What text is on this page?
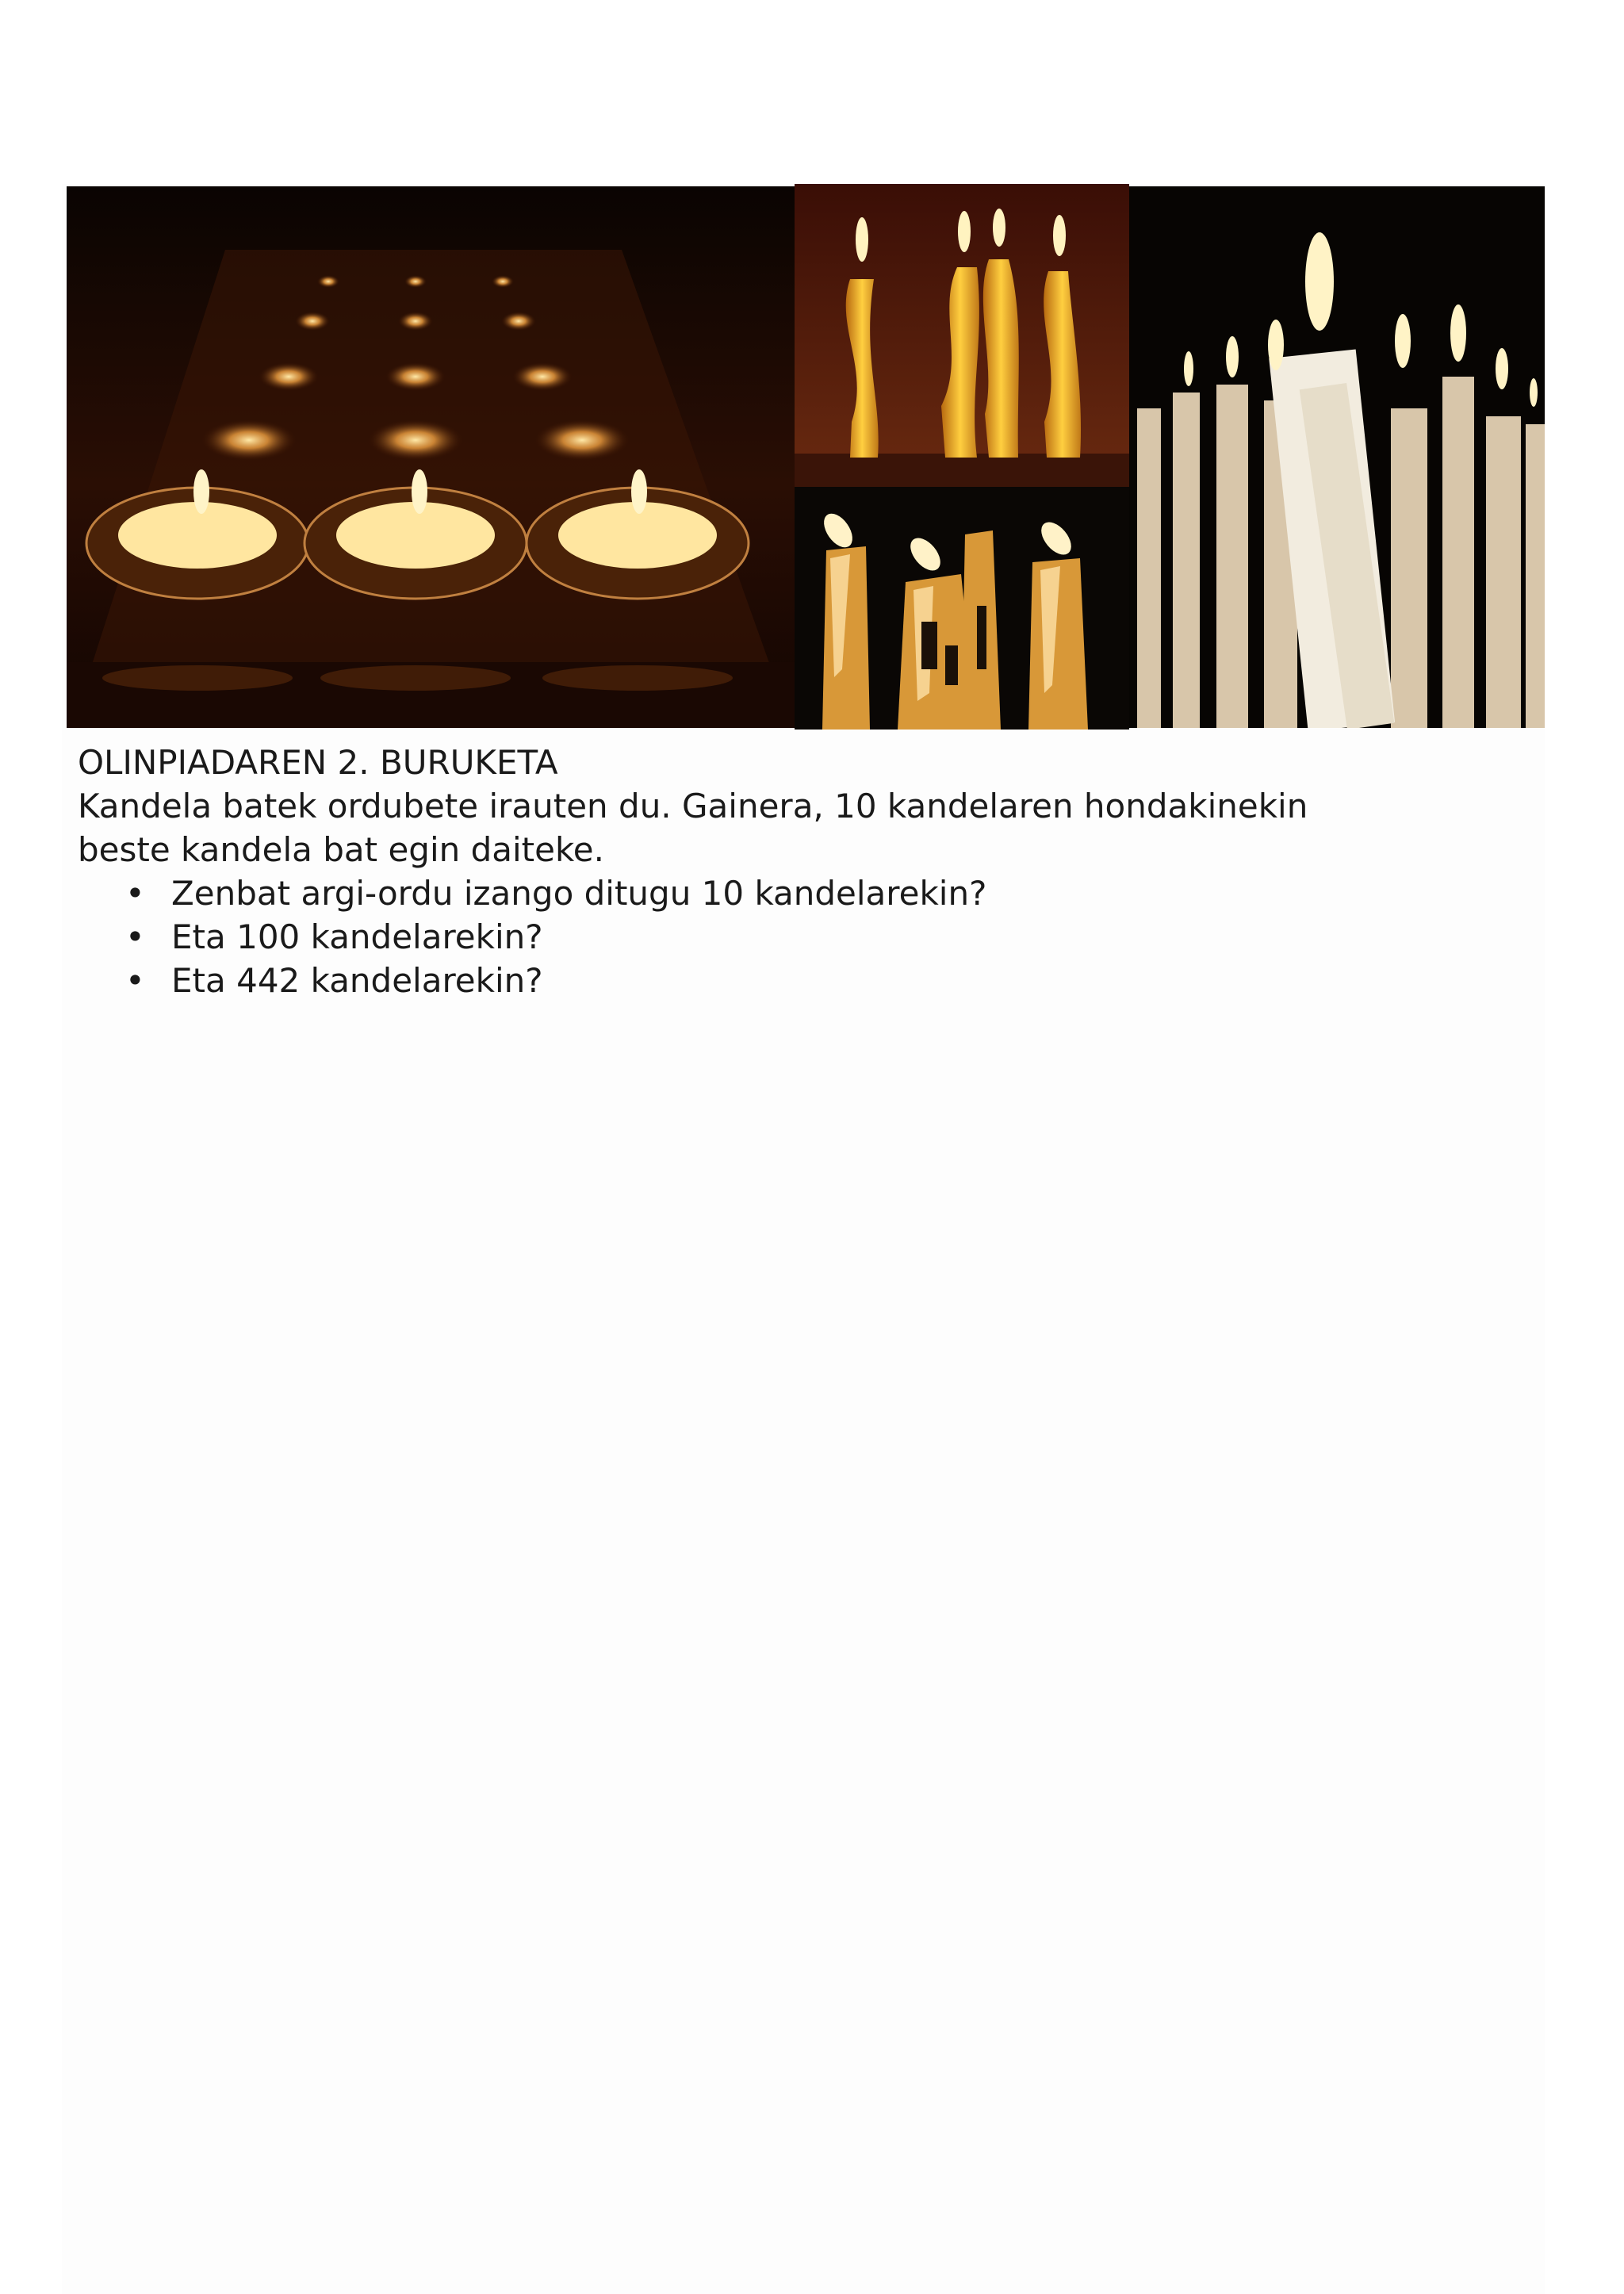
OLINPIADAREN 2. BURUKETA

Kandela batek ordubete irauten du. Gainera, 10 kandelaren hondakinekin
beste kandela bat egin daiteke.

• Zenbat argi-ordu izango ditugu 10 kandelarekin?
• Eta 100 kandelarekin?
• Eta 442 kandelarekin?
